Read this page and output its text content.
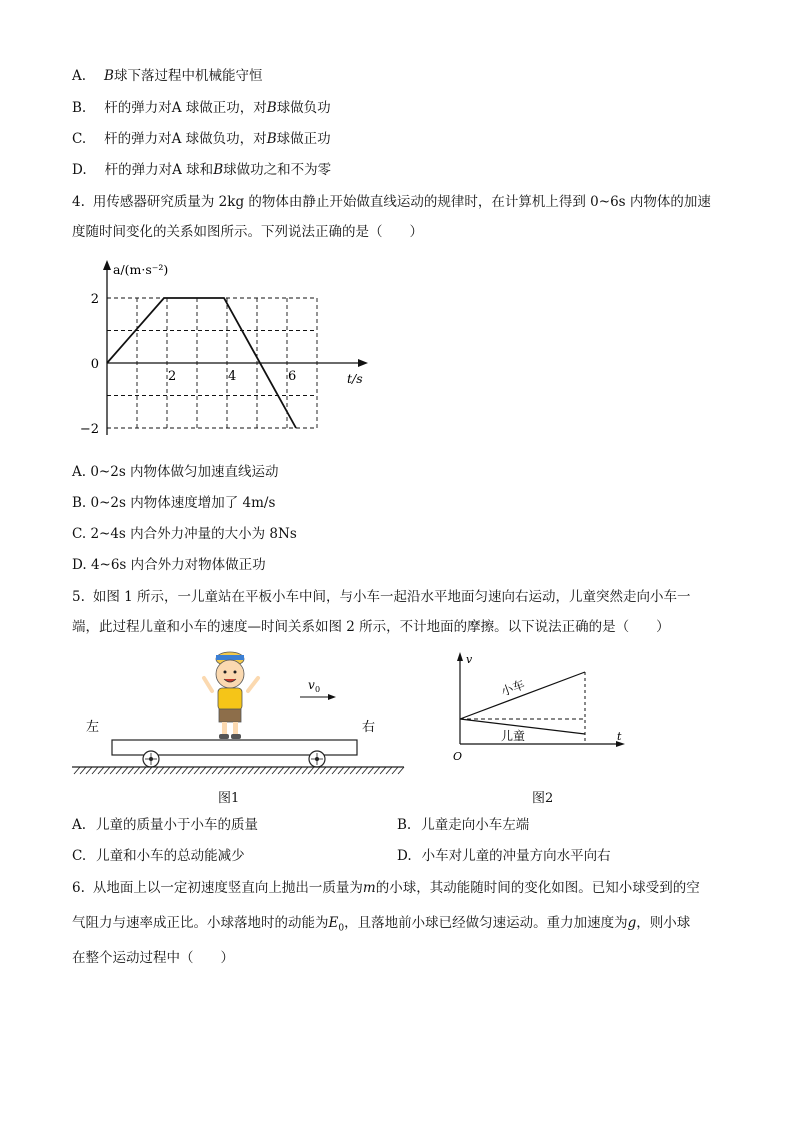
A. B球下落过程中机械能守恒
B. 杆的弹力对A 球做正功，对B球做负功
C. 杆的弹力对A 球做负功，对B球做正功
D. 杆的弹力对A 球和B球做功之和不为零
4. 用传感器研究质量为 2kg 的物体由静止开始做直线运动的规律时，在计算机上得到 0~6s 内物体的加速
度随时间变化的关系如图所示。下列说法正确的是（　　）
a/(m·s⁻²)
t/s
2	4	6
2
0
−2
A. 0~2s 内物体做匀加速直线运动
B. 0~2s 内物体速度增加了 4m/s
C. 2~4s 内合外力冲量的大小为 8Ns
D. 4~6s 内合外力对物体做正功
5. 如图 1 所示，一儿童站在平板小车中间，与小车一起沿水平地面匀速向右运动，儿童突然走向小车一
端，此过程儿童和小车的速度—时间关系如图 2 所示，不计地面的摩擦。以下说法正确的是（　　）
v 0
左	右
图1
v
t
O
小车
儿童
图2
A. 儿童的质量小于小车的质量	B. 儿童走向小车左端
C. 儿童和小车的总动能减少	D. 小车对儿童的冲量方向水平向右
6. 从地面上以一定初速度竖直向上抛出一质量为m的小球，其动能随时间的变化如图。已知小球受到的空
气阻力与速率成正比。小球落地时的动能为$E_0$，且落地前小球已经做匀速运动。重力加速度为g，则小球
在整个运动过程中（　　）
